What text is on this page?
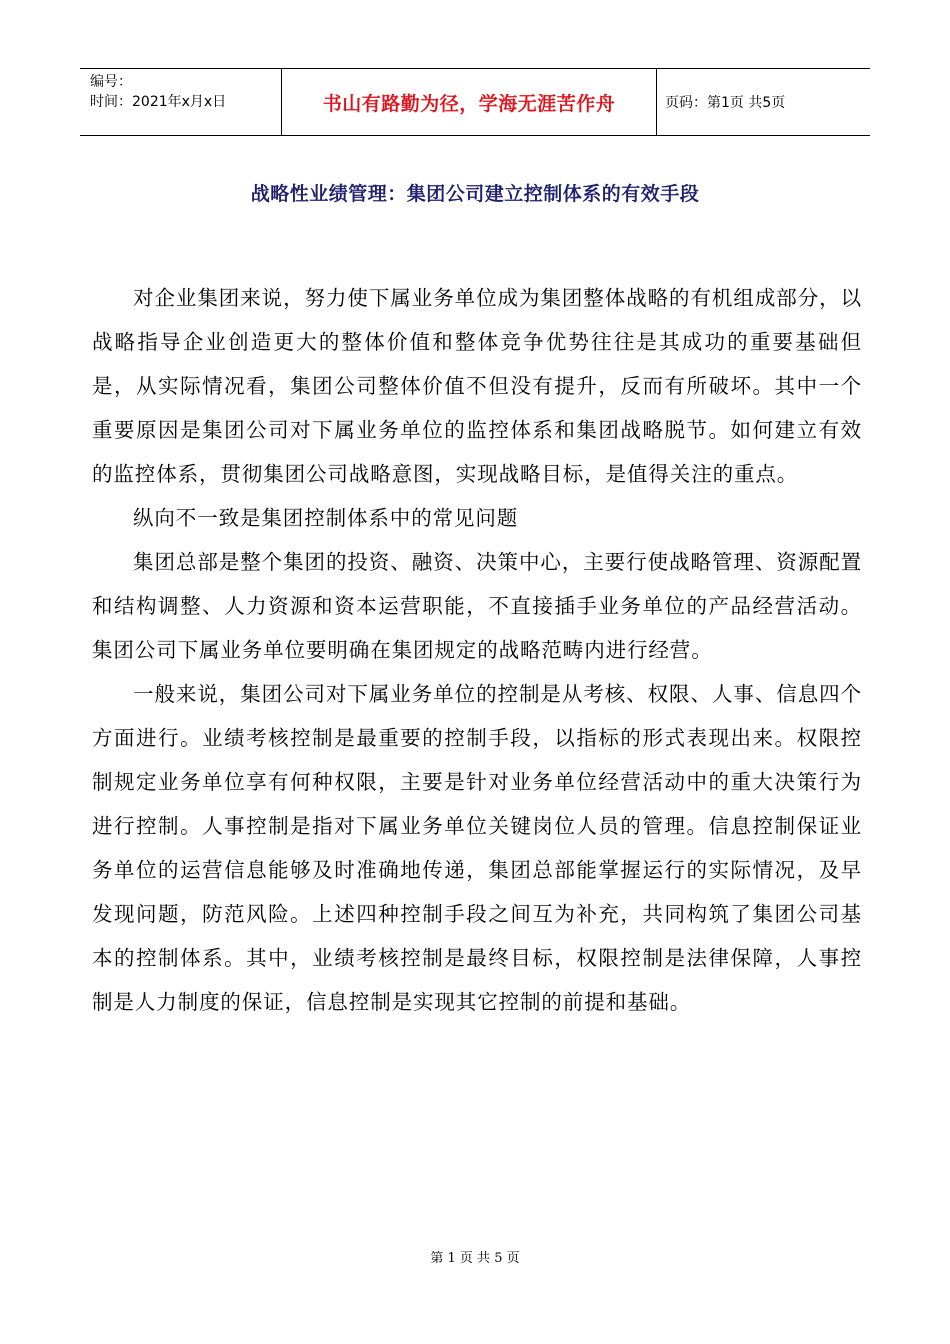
编号：
时间：2021年x月x日	书山有路勤为径，学海无涯苦作舟	页码：第1页 共5页
战略性业绩管理：集团公司建立控制体系的有效手段

对企业集团来说，努力使下属业务单位成为集团整体战略的有机组成部分，以战略指导企业创造更大的整体价值和整体竞争优势往往是其成功的重要基础但是，从实际情况看，集团公司整体价值不但没有提升，反而有所破坏。其中一个重要原因是集团公司对下属业务单位的监控体系和集团战略脱节。如何建立有效的监控体系，贯彻集团公司战略意图，实现战略目标，是值得关注的重点。

纵向不一致是集团控制体系中的常见问题

集团总部是整个集团的投资、融资、决策中心，主要行使战略管理、资源配置和结构调整、人力资源和资本运营职能，不直接插手业务单位的产品经营活动。集团公司下属业务单位要明确在集团规定的战略范畴内进行经营。

一般来说，集团公司对下属业务单位的控制是从考核、权限、人事、信息四个方面进行。业绩考核控制是最重要的控制手段，以指标的形式表现出来。权限控制规定业务单位享有何种权限，主要是针对业务单位经营活动中的重大决策行为进行控制。人事控制是指对下属业务单位关键岗位人员的管理。信息控制保证业务单位的运营信息能够及时准确地传递，集团总部能掌握运行的实际情况，及早发现问题，防范风险。上述四种控制手段之间互为补充，共同构筑了集团公司基本的控制体系。其中，业绩考核控制是最终目标，权限控制是法律保障，人事控制是人力制度的保证，信息控制是实现其它控制的前提和基础。

第 1 页 共 5 页
